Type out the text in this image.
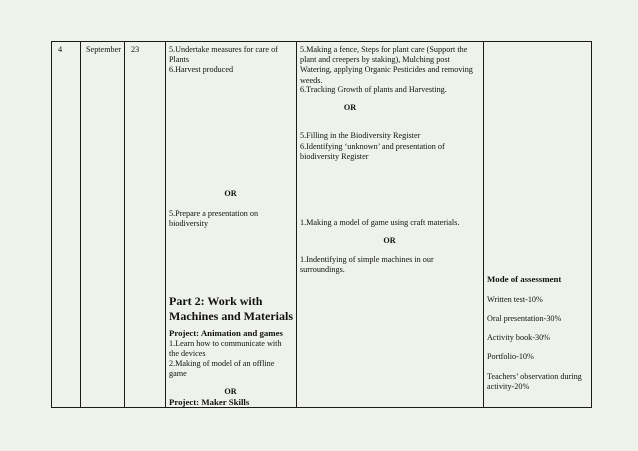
4	September 23	5.Undertake measures for care of Plants
6.Harvest produced
OR
5.Prepare a presentation on biodiversity
Part 2: Work with Machines and Materials
Project: Animation and games
1.Learn how to communicate with the devices
2.Making of model of an offline game
OR
Project: Maker Skills
5.Making a fence, Steps for plant care (Support the plant and creepers by staking), Mulching post Watering, applying Organic Pesticides and removing weeds.
6.Tracking Growth of plants and Harvesting.
OR
5.Filling in the Biodiversity Register
6.Identifying ‘unknown’ and presentation of biodiversity Register
1.Making a model of game using craft materials.
OR
1.Indentifying of simple machines in our surroundings.
Mode of assessment
Written test-10%
Oral presentation-30%
Activity book-30%
Portfolio-10%
Teachers’ observation during activity-20%
